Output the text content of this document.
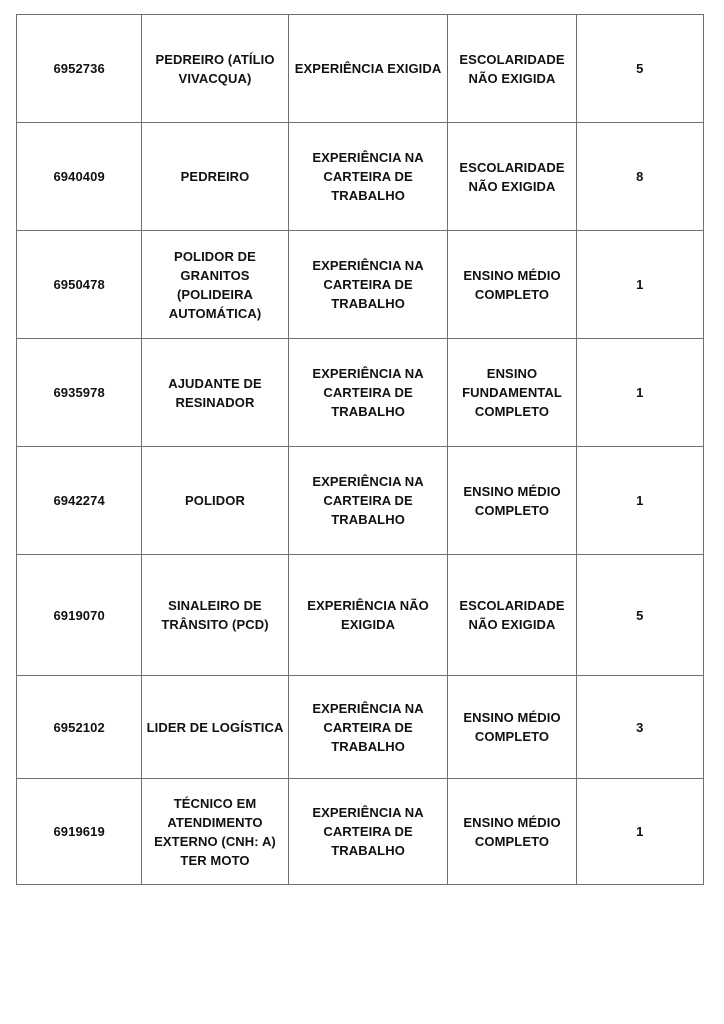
6952736	PEDREIRO (ATÍLIO
VIVACQUA)	EXPERIÊNCIA EXIGIDA	ESCOLARIDADE
NÃO EXIGIDA	5
6940409	PEDREIRO	EXPERIÊNCIA NA
CARTEIRA DE TRABALHO	ESCOLARIDADE
NÃO EXIGIDA	8
6950478	POLIDOR DE
GRANITOS (POLIDEIRA
AUTOMÁTICA)	EXPERIÊNCIA NA
CARTEIRA DE TRABALHO	ENSINO MÉDIO
COMPLETO	1
6935978	AJUDANTE DE
RESINADOR	EXPERIÊNCIA NA
CARTEIRA DE TRABALHO	ENSINO
FUNDAMENTAL
COMPLETO	1
6942274	POLIDOR	EXPERIÊNCIA NA
CARTEIRA DE TRABALHO	ENSINO MÉDIO
COMPLETO	1
6919070	SINALEIRO DE
TRÂNSITO (PCD)	EXPERIÊNCIA NÃO
EXIGIDA	ESCOLARIDADE
NÃO EXIGIDA	5
6952102	LIDER DE LOGÍSTICA	EXPERIÊNCIA NA
CARTEIRA DE TRABALHO	ENSINO MÉDIO
COMPLETO	3
6919619	TÉCNICO EM
ATENDIMENTO
EXTERNO (CNH: A)
TER MOTO	EXPERIÊNCIA NA
CARTEIRA DE TRABALHO	ENSINO MÉDIO
COMPLETO	1
